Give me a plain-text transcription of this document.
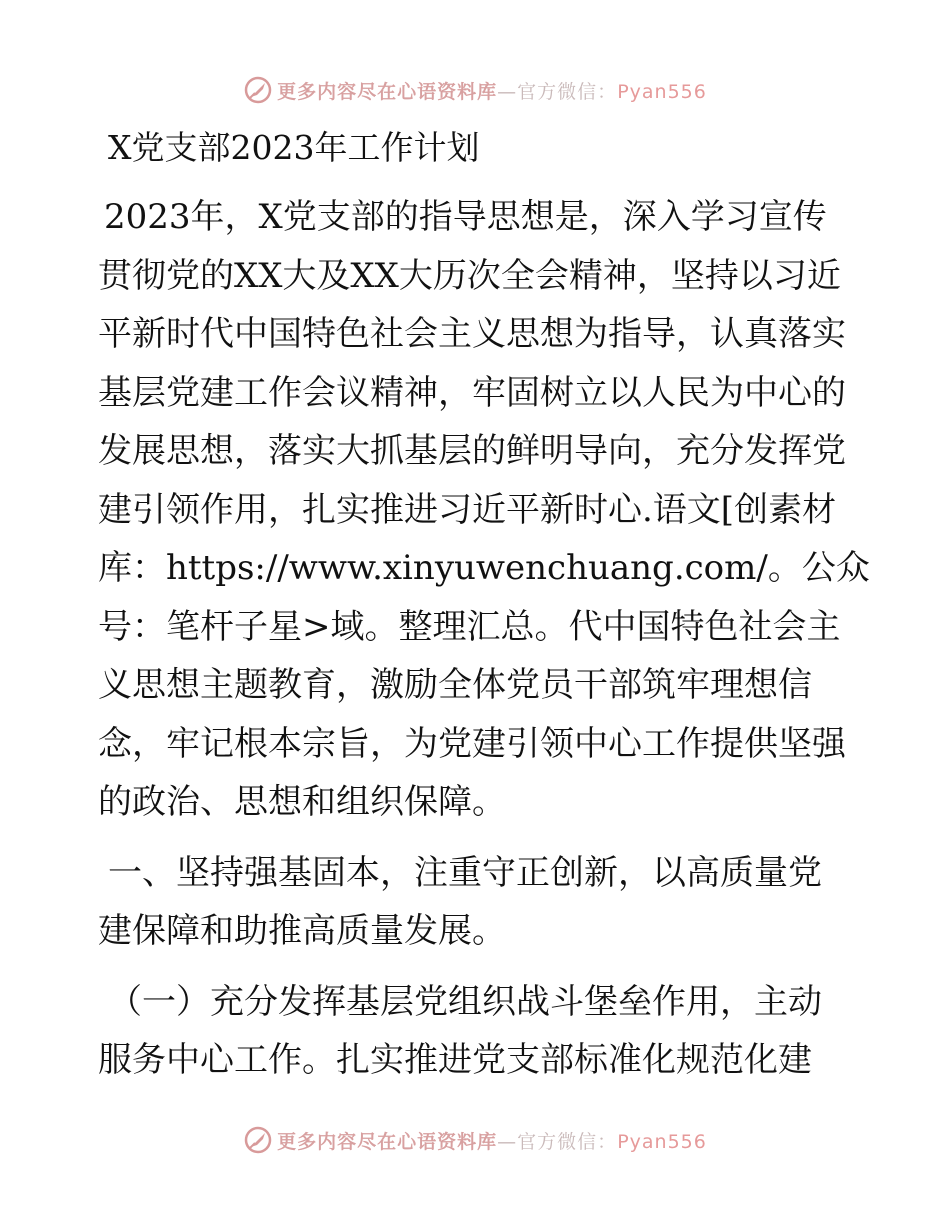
更多内容尽在心语资料库—官方微信：Pyan556
X党支部2023年工作计划
2023年，X党支部的指导思想是，深入学习宣传
贯彻党的XX大及XX大历次全会精神，坚持以习近
平新时代中国特色社会主义思想为指导，认真落实
基层党建工作会议精神，牢固树立以人民为中心的
发展思想，落实大抓基层的鲜明导向，充分发挥党
建引领作用，扎实推进习近平新时心.语文[创素材
库：https://www.xinyuwenchuang.com/。公众
号：笔杆子星>域。整理汇总。代中国特色社会主
义思想主题教育，激励全体党员干部筑牢理想信
念，牢记根本宗旨，为党建引领中心工作提供坚强
的政治、思想和组织保障。
一、坚持强基固本，注重守正创新，以高质量党
建保障和助推高质量发展。
（一）充分发挥基层党组织战斗堡垒作用，主动
服务中心工作。扎实推进党支部标准化规范化建
更多内容尽在心语资料库—官方微信：Pyan556
